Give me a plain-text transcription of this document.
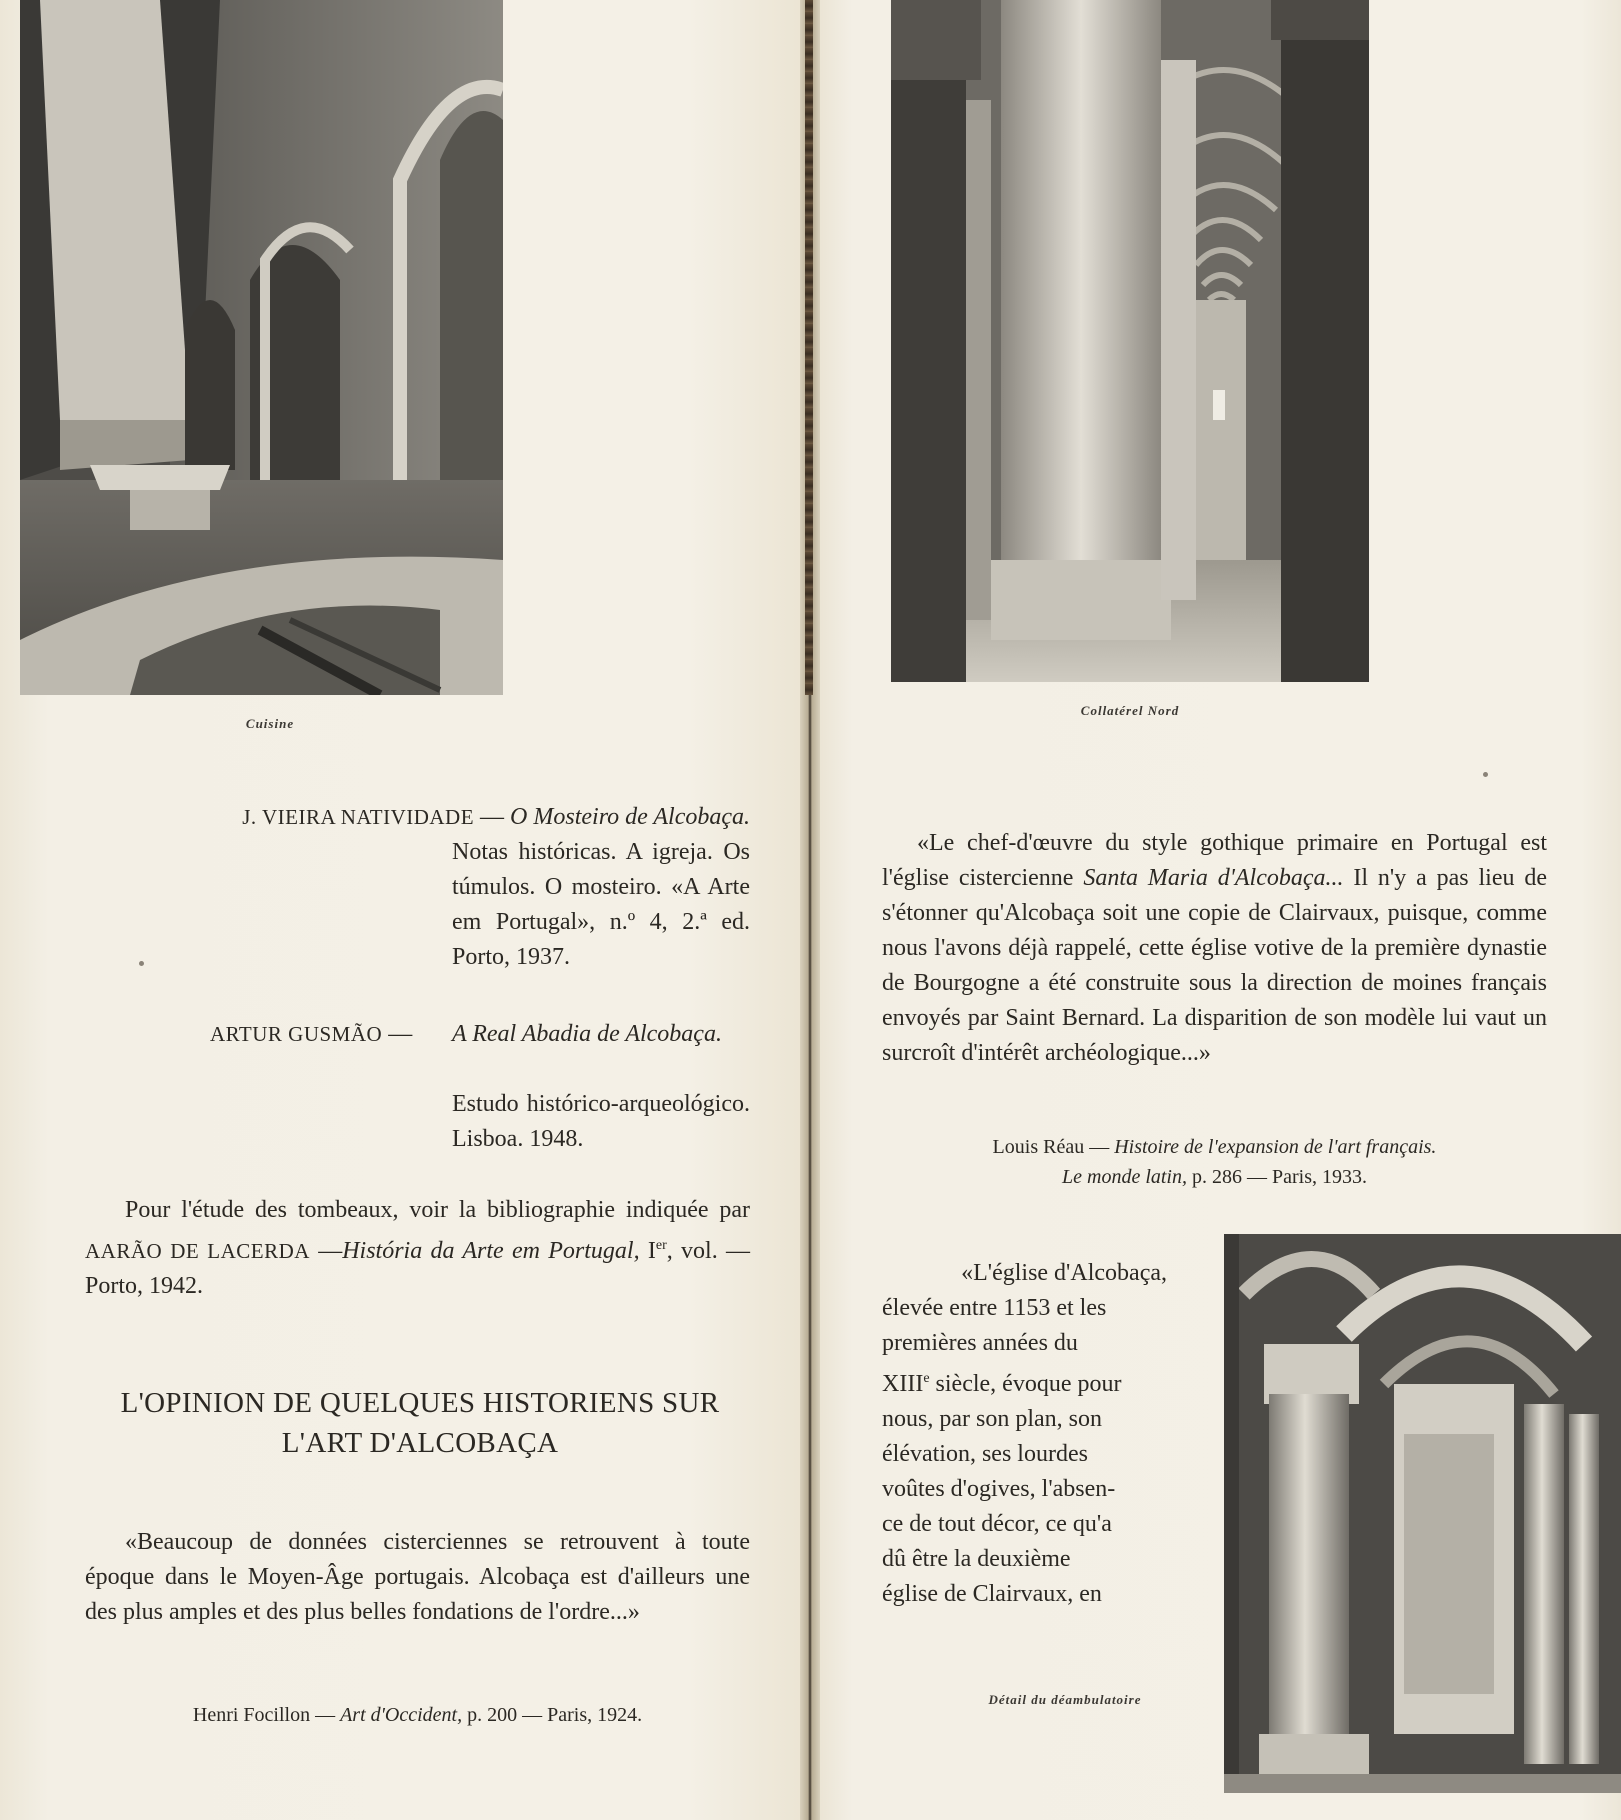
Cuisine
J. VIEIRA NATIVIDADE — O Mosteiro de Alcobaça.
Notas históricas. A igreja. Os túmulos. O mosteiro. «A Arte em Portugal», n.º 4, 2.ª ed. Porto, 1937.
ARTUR GUSMÃO —	A Real Abadia de Alcobaça.
Estudo histórico-arqueológico. Lisboa. 1948.
Pour l'étude des tombeaux, voir la bibliographie indiquée par AARÃO DE LACERDA —História da Arte em Portugal, Ier, vol. — Porto, 1942.
L'OPINION DE QUELQUES HISTORIENS SUR
L'ART D'ALCOBAÇA
«Beaucoup de données cisterciennes se retrouvent à toute époque dans le Moyen-Âge portugais. Alcobaça est d'ailleurs une des plus amples et des plus belles fondations de l'ordre...»
Henri Focillon — Art d'Occident, p. 200 — Paris, 1924.
Collatérel Nord
«Le chef-d'œuvre du style gothique primaire en Portugal est l'église cistercienne Santa Maria d'Alcobaça... Il n'y a pas lieu de s'étonner qu'Alcobaça soit une copie de Clairvaux, puisque, comme nous l'avons déjà rappelé, cette église votive de la première dynastie de Bourgogne a été construite sous la direction de moines français envoyés par Saint Bernard. La disparition de son modèle lui vaut un surcroît d'intérêt archéologique...»
Louis Réau — Histoire de l'expansion de l'art français.
Le monde latin, p. 286 — Paris, 1933.
«L'église d'Alcobaça,
élevée entre 1153 et les
premières années du
XIIIe siècle, évoque pour
nous, par son plan, son
élévation, ses lourdes
voûtes d'ogives, l'absen-
ce de tout décor, ce qu'a
dû être la deuxième
église de Clairvaux, en
Détail du déambulatoire
